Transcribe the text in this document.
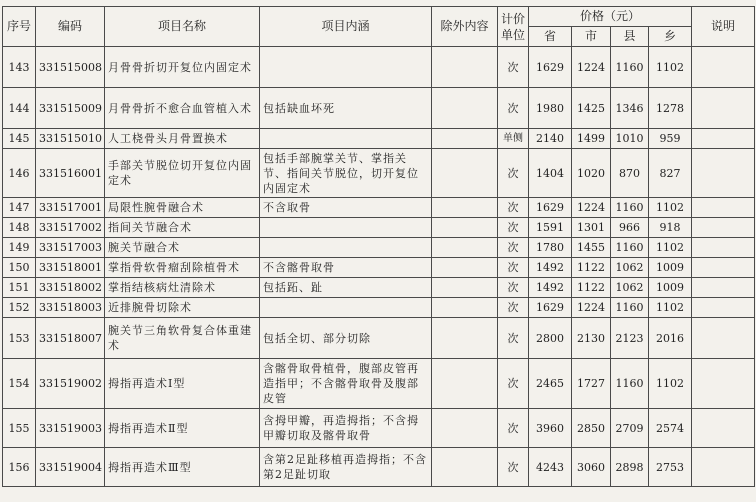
序号	编码	项目名称	项目内涵	除外内容	计价单位	价格（元）				说明
						省	市	县	乡	
143	331515008	月骨骨折切开复位内固定术			次	1629	1224	1160	1102	
144	331515009	月骨骨折不愈合血管植入术	包括缺血坏死		次	1980	1425	1346	1278	
145	331515010	人工桡骨头月骨置换术			单侧	2140	1499	1010	959	
146	331516001	手部关节脱位切开复位内固定术	包括手部腕掌关节、掌指关节、指间关节脱位，切开复位内固定术		次	1404	1020	870	827	
147	331517001	局限性腕骨融合术	不含取骨		次	1629	1224	1160	1102	
148	331517002	指间关节融合术			次	1591	1301	966	918	
149	331517003	腕关节融合术			次	1780	1455	1160	1102	
150	331518001	掌指骨软骨瘤刮除植骨术	不含髂骨取骨		次	1492	1122	1062	1009	
151	331518002	掌指结核病灶清除术	包括跖、趾		次	1492	1122	1062	1009	
152	331518003	近排腕骨切除术			次	1629	1224	1160	1102	
153	331518007	腕关节三角软骨复合体重建术	包括全切、部分切除		次	2800	2130	2123	2016	
154	331519002	拇指再造术Ⅰ型	含髂骨取骨植骨，腹部皮管再造指甲；不含髂骨取骨及腹部皮管		次	2465	1727	1160	1102	
155	331519003	拇指再造术Ⅱ型	含拇甲瓣，再造拇指；不含拇甲瓣切取及髂骨取骨		次	3960	2850	2709	2574	
156	331519004	拇指再造术Ⅲ型	含第2足趾移植再造拇指；不含第2足趾切取		次	4243	3060	2898	2753	
